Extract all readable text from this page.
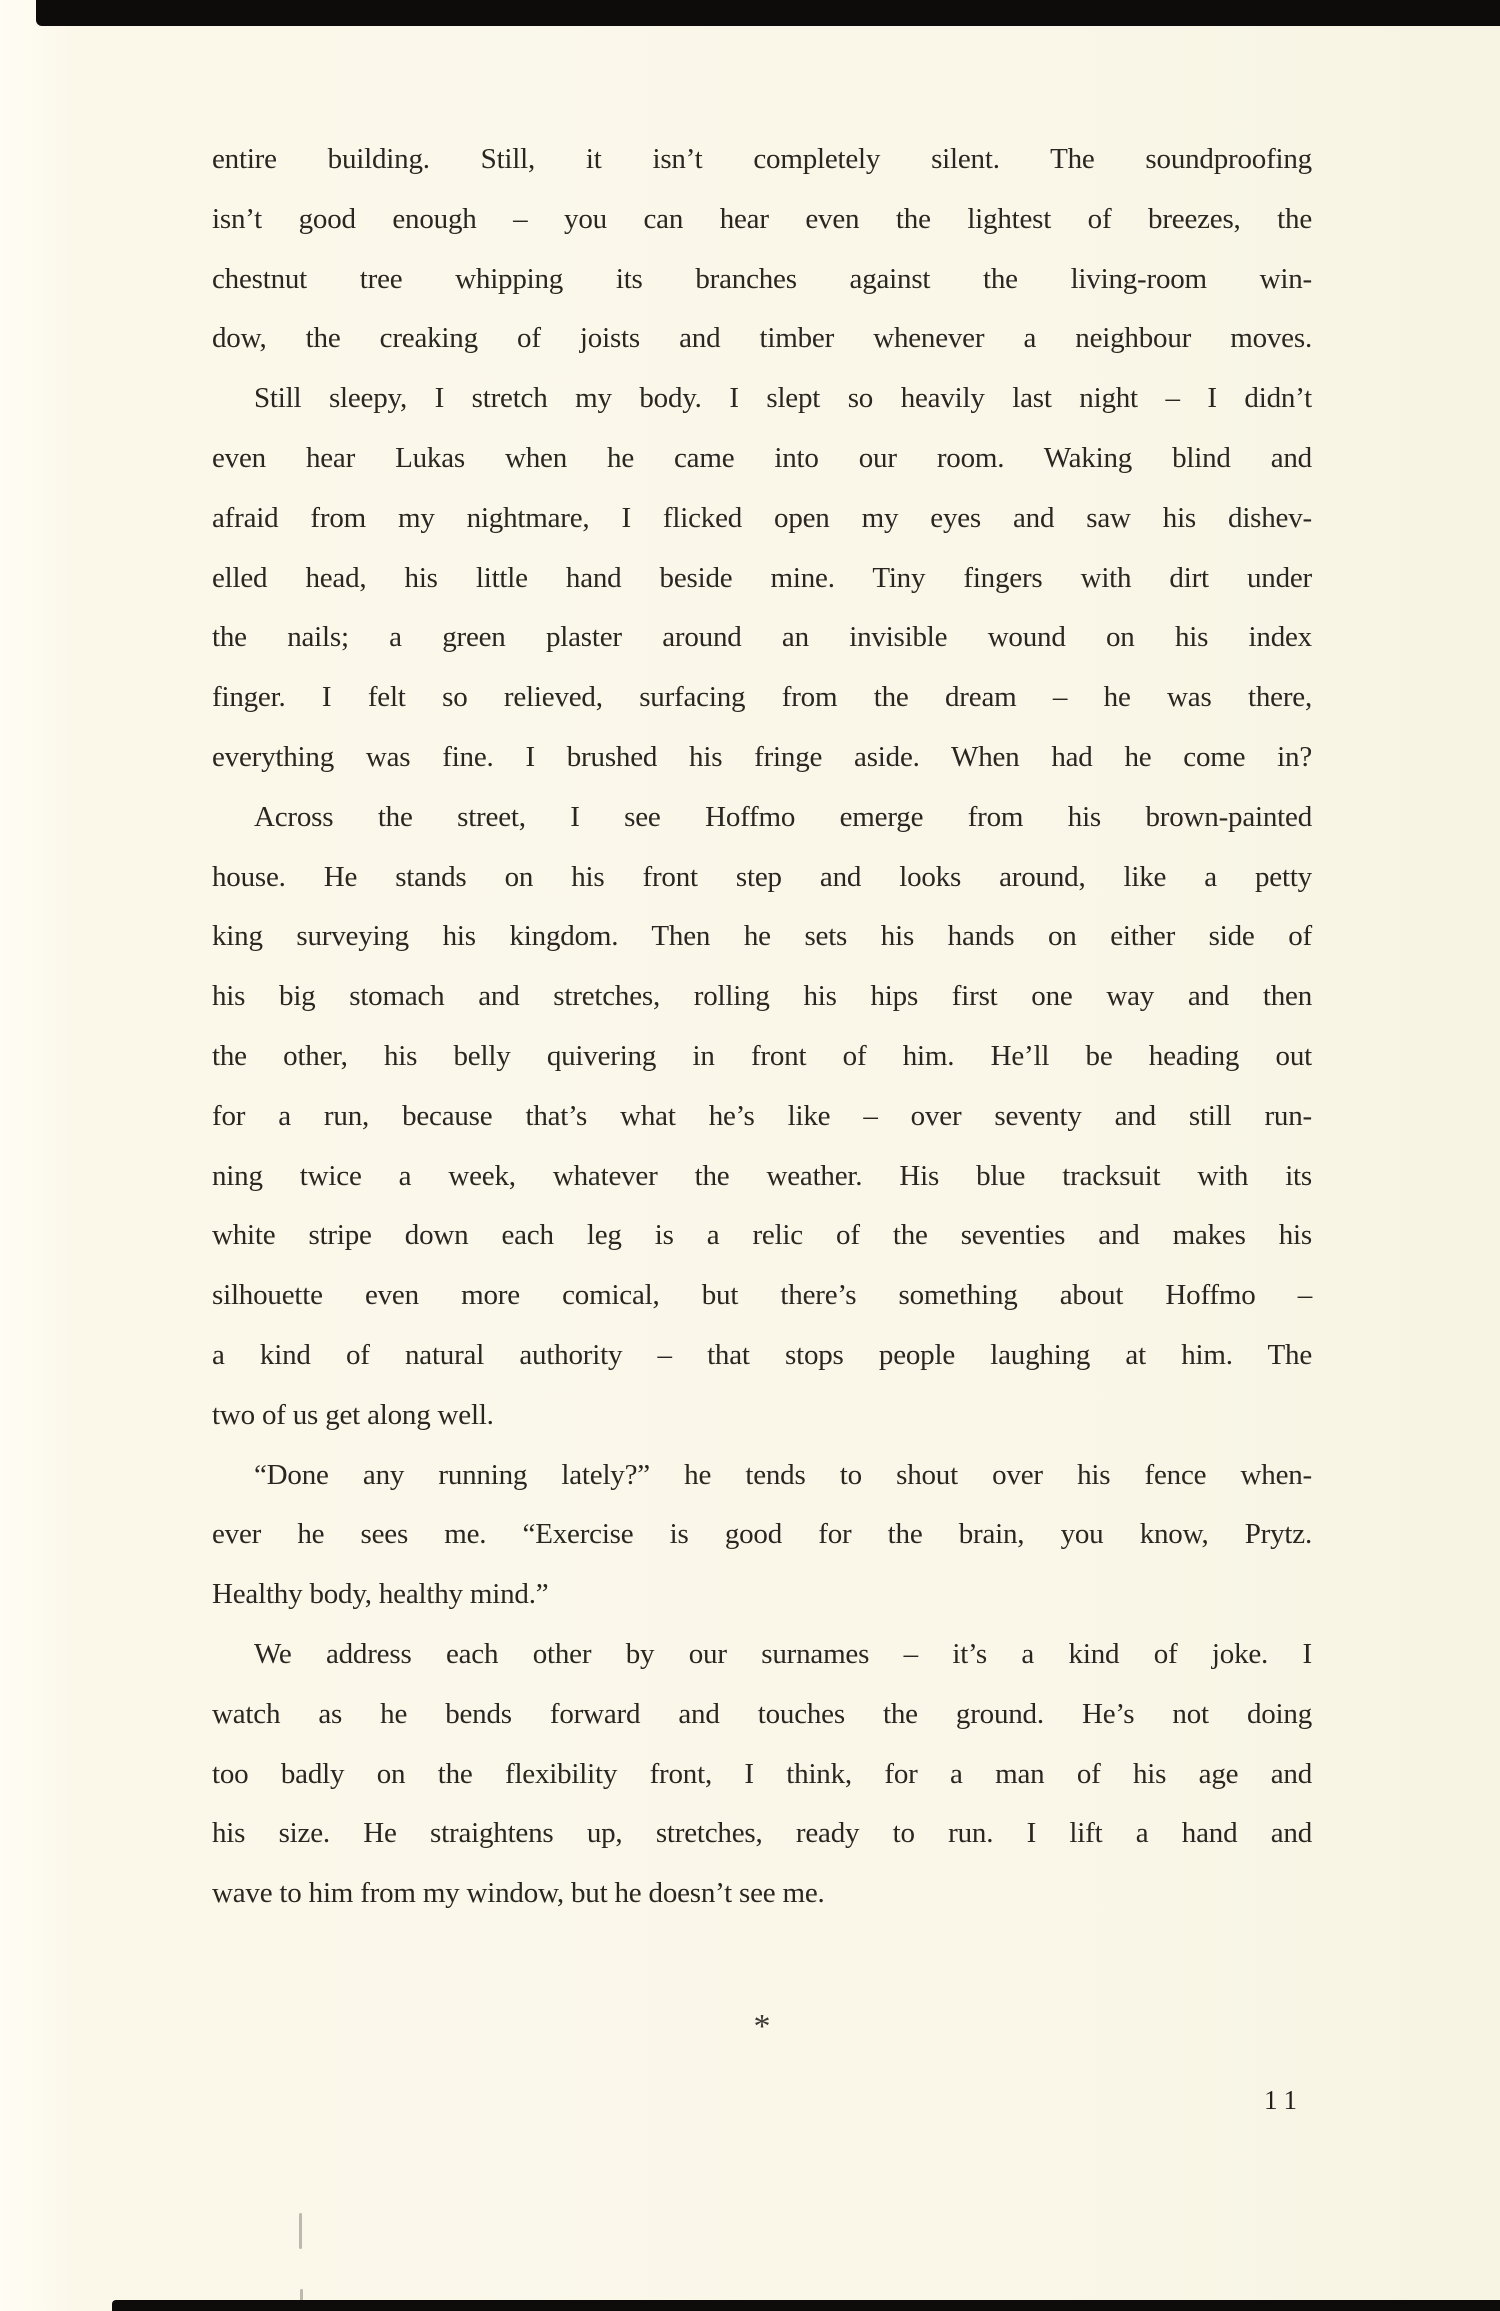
entire building. Still, it isn’t completely silent. The soundproofing
isn’t good enough – you can hear even the lightest of breezes, the
chestnut tree whipping its branches against the living-room win-
dow, the creaking of joists and timber whenever a neighbour moves.
Still sleepy, I stretch my body. I slept so heavily last night – I didn’t
even hear Lukas when he came into our room. Waking blind and
afraid from my nightmare, I flicked open my eyes and saw his dishev-
elled head, his little hand beside mine. Tiny fingers with dirt under
the nails; a green plaster around an invisible wound on his index
finger. I felt so relieved, surfacing from the dream – he was there,
everything was fine. I brushed his fringe aside. When had he come in?
Across the street, I see Hoffmo emerge from his brown-painted
house. He stands on his front step and looks around, like a petty
king surveying his kingdom. Then he sets his hands on either side of
his big stomach and stretches, rolling his hips first one way and then
the other, his belly quivering in front of him. He’ll be heading out
for a run, because that’s what he’s like – over seventy and still run-
ning twice a week, whatever the weather. His blue tracksuit with its
white stripe down each leg is a relic of the seventies and makes his
silhouette even more comical, but there’s something about Hoffmo –
a kind of natural authority – that stops people laughing at him. The
two of us get along well.
“Done any running lately?” he tends to shout over his fence when-
ever he sees me. “Exercise is good for the brain, you know, Prytz.
Healthy body, healthy mind.”
We address each other by our surnames – it’s a kind of joke. I
watch as he bends forward and touches the ground. He’s not doing
too badly on the flexibility front, I think, for a man of his age and
his size. He straightens up, stretches, ready to run. I lift a hand and
wave to him from my window, but he doesn’t see me.
*
11
